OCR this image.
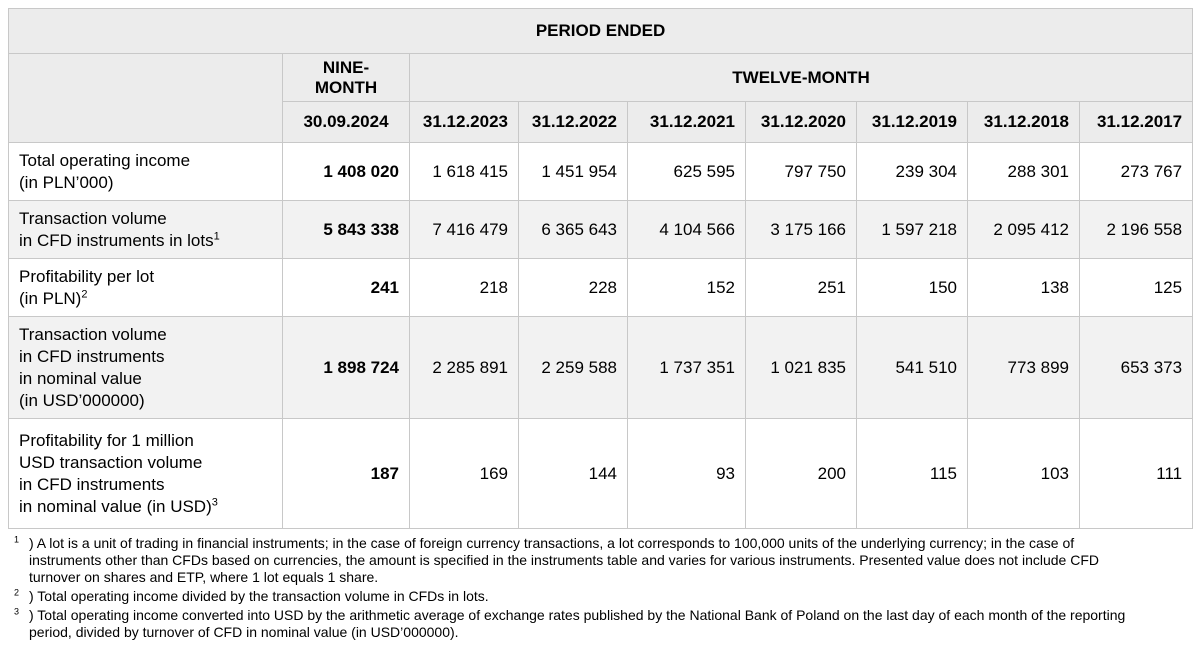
PERIOD ENDED								

	NINE-
MONTH	TWELVE-MONTH						
	30.09.2024	31.12.2023	31.12.2022	31.12.2021	31.12.2020	31.12.2019	31.12.2018	31.12.2017

Total operating income
(in PLN’000)	1 408 020	1 618 415	1 451 954	625 595	797 750	239 304	288 301	273 767

Transaction volume
in CFD instruments in lots$^1$	5 843 338	7 416 479	6 365 643	4 104 566	3 175 166	1 597 218	2 095 412	2 196 558

Profitability per lot
(in PLN)$^2$	241	218	228	152	251	150	138	125

Transaction volume
in CFD instruments
in nominal value
(in USD’000000)	1 898 724	2 285 891	2 259 588	1 737 351	1 021 835	541 510	773 899	653 373

Profitability for 1 million
USD transaction volume
in CFD instruments
in nominal value (in USD)$^3$	187	169	144	93	200	115	103	111
$^1$ ) A lot is a unit of trading in financial instruments; in the case of foreign currency transactions, a lot corresponds to 100,000 units of the underlying currency; in the case of instruments other than CFDs based on currencies, the amount is specified in the instruments table and varies for various instruments. Presented value does not include CFD turnover on shares and ETP, where 1 lot equals 1 share.
$^2$ ) Total operating income divided by the transaction volume in CFDs in lots.
$^3$ ) Total operating income converted into USD by the arithmetic average of exchange rates published by the National Bank of Poland on the last day of each month of the reporting period, divided by turnover of CFD in nominal value (in USD’000000).
